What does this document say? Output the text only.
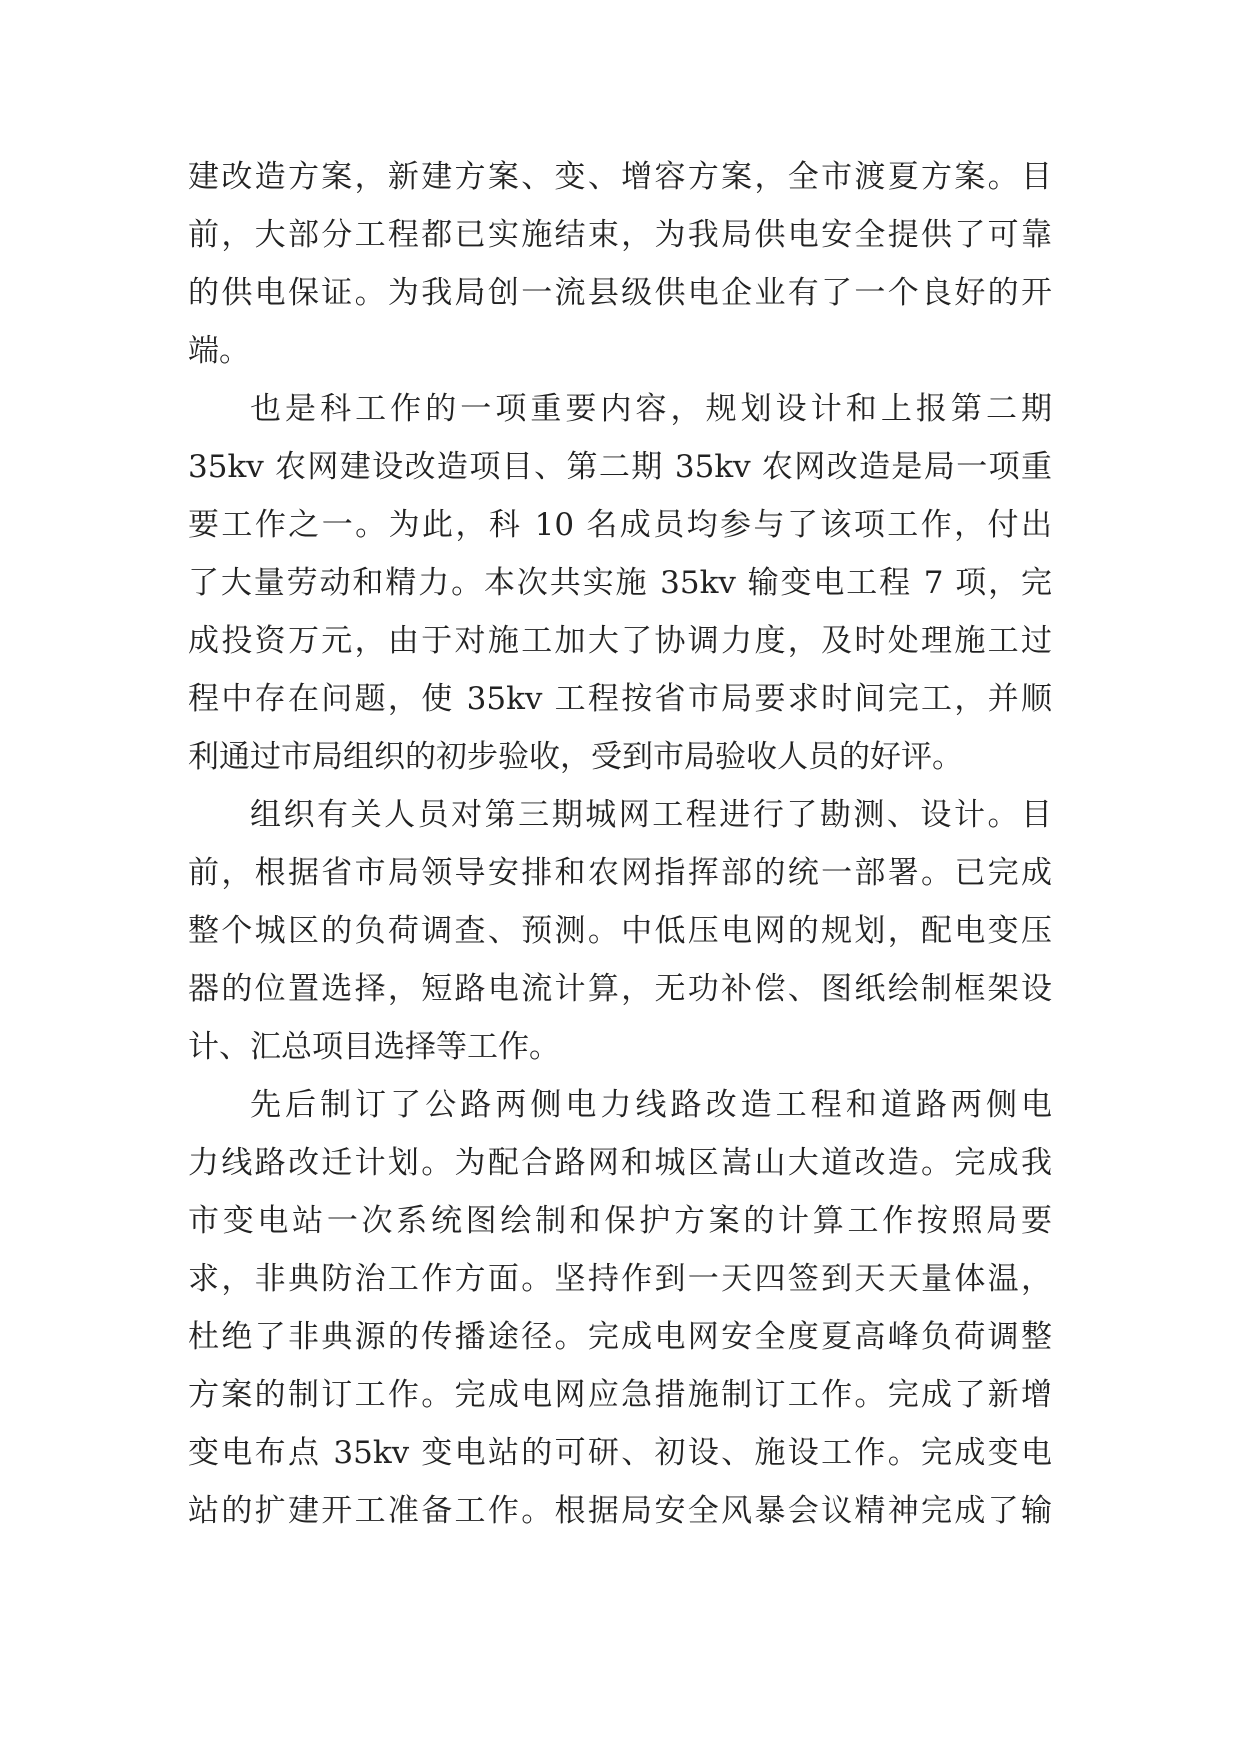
建改造方案，新建方案、变、增容方案，全市渡夏方案。目
前，大部分工程都已实施结束，为我局供电安全提供了可靠
的供电保证。为我局创一流县级供电企业有了一个良好的开
端。
也是科工作的一项重要内容，规划设计和上报第二期
35kv 农网建设改造项目、第二期 35kv 农网改造是局一项重
要工作之一。为此，科 10 名成员均参与了该项工作，付出
了大量劳动和精力。本次共实施 35kv 输变电工程 7 项，完
成投资万元，由于对施工加大了协调力度，及时处理施工过
程中存在问题，使 35kv 工程按省市局要求时间完工，并顺
利通过市局组织的初步验收，受到市局验收人员的好评。
组织有关人员对第三期城网工程进行了勘测、设计。目
前，根据省市局领导安排和农网指挥部的统一部署。已完成
整个城区的负荷调查、预测。中低压电网的规划，配电变压
器的位置选择，短路电流计算，无功补偿、图纸绘制框架设
计、汇总项目选择等工作。
先后制订了公路两侧电力线路改造工程和道路两侧电
力线路改迁计划。为配合路网和城区嵩山大道改造。完成我
市变电站一次系统图绘制和保护方案的计算工作按照局要
求，非典防治工作方面。坚持作到一天四签到天天量体温，
杜绝了非典源的传播途径。完成电网安全度夏高峰负荷调整
方案的制订工作。完成电网应急措施制订工作。完成了新增
变电布点 35kv 变电站的可研、初设、施设工作。完成变电
站的扩建开工准备工作。根据局安全风暴会议精神完成了输
